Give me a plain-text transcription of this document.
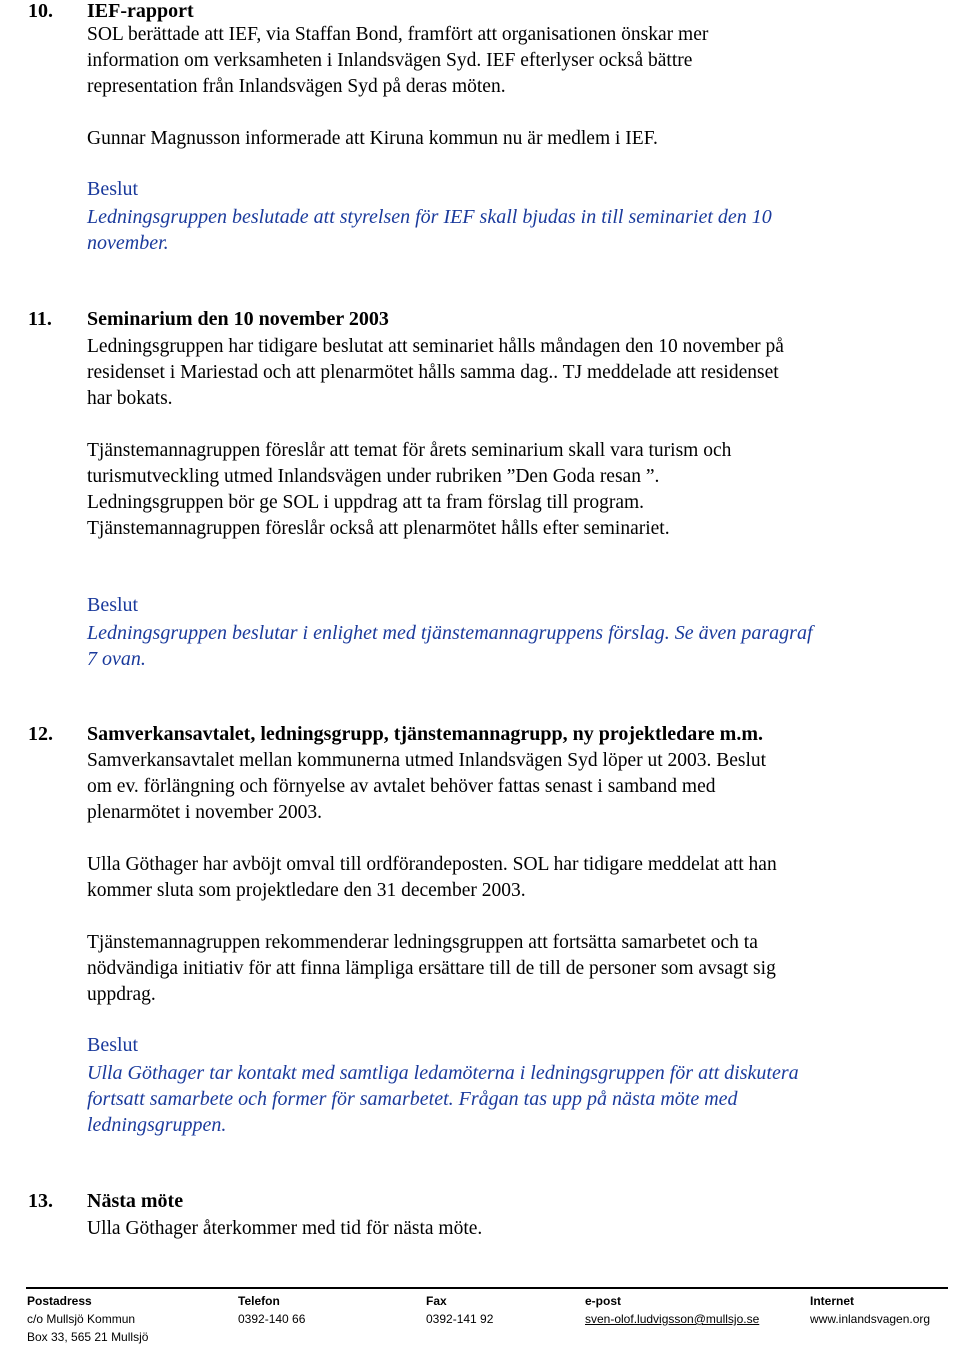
10. IEF-rapport
SOL berättade att IEF, via Staffan Bond, framfört att organisationen önskar mer
information om verksamheten i Inlandsvägen Syd. IEF efterlyser också bättre
representation från Inlandsvägen Syd på deras möten.
Gunnar Magnusson informerade att Kiruna kommun nu är medlem i IEF.
Beslut
Ledningsgruppen beslutade att styrelsen för IEF skall bjudas in till seminariet den 10
november.
11. Seminarium den 10 november 2003
Ledningsgruppen har tidigare beslutat att seminariet hålls måndagen den 10 november på
residenset i Mariestad och att plenarmötet hålls samma dag.. TJ meddelade att residenset
har bokats.
Tjänstemannagruppen föreslår att temat för årets seminarium skall vara turism och
turismutveckling utmed Inlandsvägen under rubriken ”Den Goda resan ”.
Ledningsgruppen bör ge SOL i uppdrag att ta fram förslag till program.
Tjänstemannagruppen föreslår också att plenarmötet hålls efter seminariet.
Beslut
Ledningsgruppen beslutar i enlighet med tjänstemannagruppens förslag. Se även paragraf
7 ovan.
12. Samverkansavtalet, ledningsgrupp, tjänstemannagrupp, ny projektledare m.m.
Samverkansavtalet mellan kommunerna utmed Inlandsvägen Syd löper ut 2003. Beslut
om ev. förlängning och förnyelse av avtalet behöver fattas senast i samband med
plenarmötet i november 2003.
Ulla Göthager har avböjt omval till ordförandeposten. SOL har tidigare meddelat att han
kommer sluta som projektledare den 31 december 2003.
Tjänstemannagruppen rekommenderar ledningsgruppen att fortsätta samarbetet och ta
nödvändiga initiativ för att finna lämpliga ersättare till de till de personer som avsagt sig
uppdrag.
Beslut
Ulla Göthager tar kontakt med samtliga ledamöterna i ledningsgruppen för att diskutera
fortsatt samarbete och former för samarbetet. Frågan tas upp på nästa möte med
ledningsgruppen.
13. Nästa möte
Ulla Göthager återkommer med tid för nästa möte.
Postadress
c/o Mullsjö Kommun
Box 33, 565 21 Mullsjö
Telefon
0392-140 66
Fax
0392-141 92
e-post
sven-olof.ludvigsson@mullsjo.se
Internet
www.inlandsvagen.org
